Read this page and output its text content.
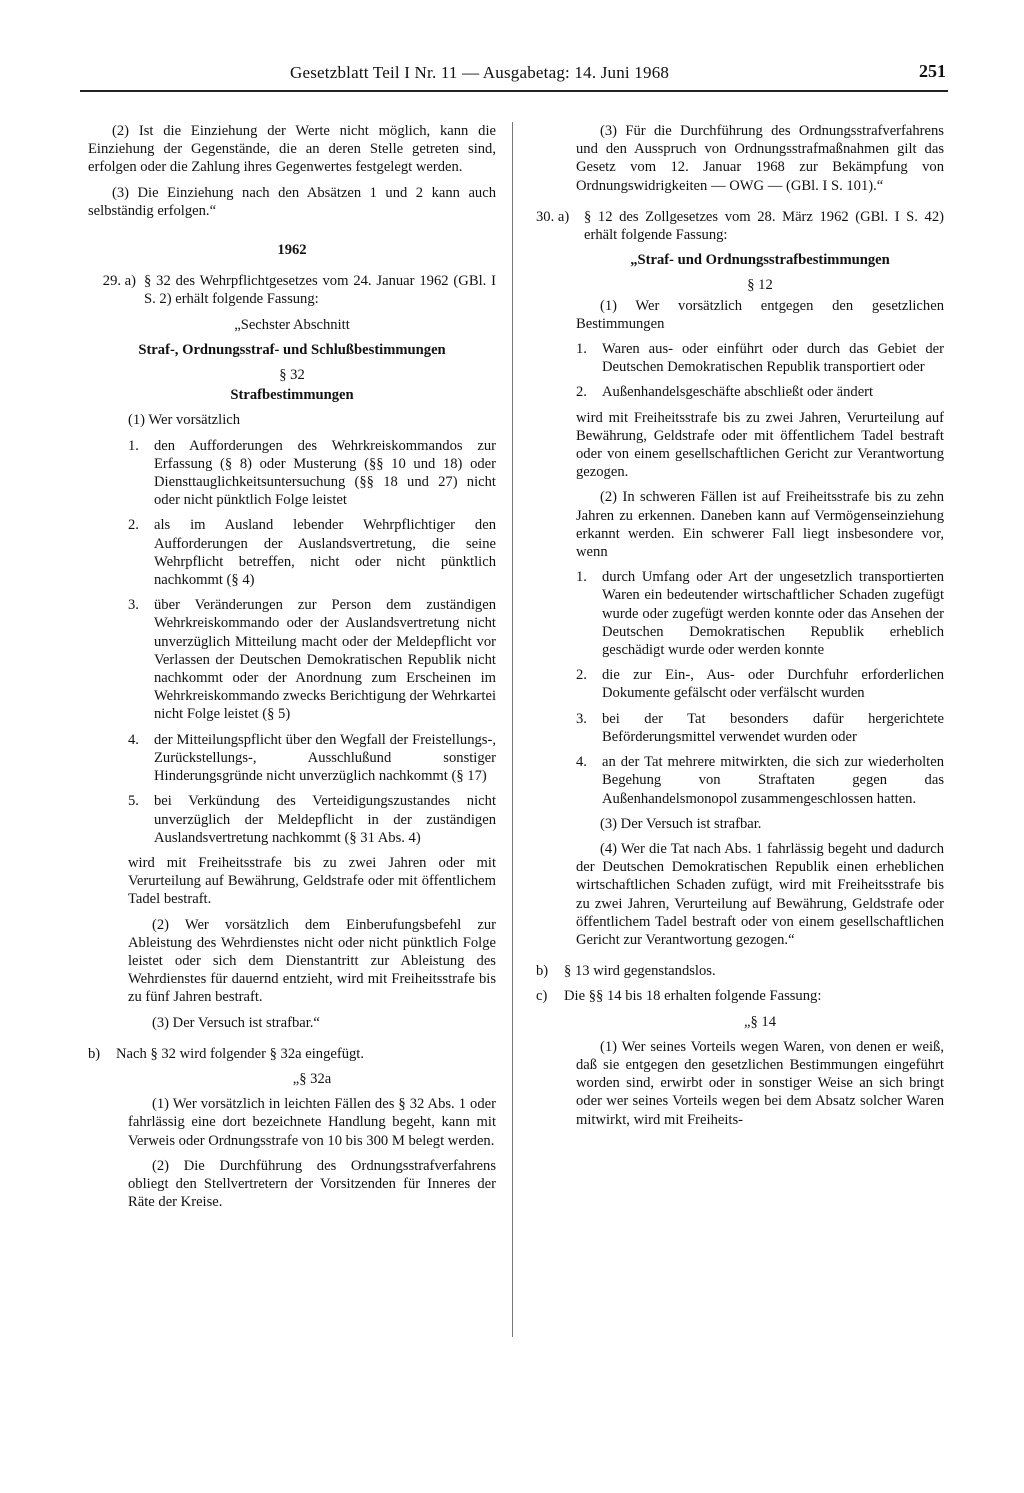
Gesetzblatt Teil I Nr. 11 — Ausgabetag: 14. Juni 1968	251

(2) Ist die Einziehung der Werte nicht möglich, kann die Einziehung der Gegenstände, die an deren Stelle getreten sind, erfolgen oder die Zahlung ihres Gegenwertes festgelegt werden.

(3) Die Einziehung nach den Absätzen 1 und 2 kann auch selbständig erfolgen.“

1962

29. a) § 32 des Wehrpflichtgesetzes vom 24. Januar 1962 (GBl. I S. 2) erhält folgende Fassung:

„Sechster Abschnitt

Straf-, Ordnungsstraf- und Schlußbestimmungen

§ 32

Strafbestimmungen

(1) Wer vorsätzlich

1.	den Aufforderungen des Wehrkreiskommandos zur Erfassung (§ 8) oder Musterung (§§ 10 und 18) oder Diensttauglichkeitsuntersuchung (§§ 18 und 27) nicht oder nicht pünktlich Folge leistet
2.	als im Ausland lebender Wehrpflichtiger den Aufforderungen der Auslandsvertretung, die seine Wehrpflicht betreffen, nicht oder nicht pünktlich nachkommt (§ 4)
3.	über Veränderungen zur Person dem zuständigen Wehrkreiskommando oder der Auslandsvertretung nicht unverzüglich Mitteilung macht oder der Meldepflicht vor Verlassen der Deutschen Demokratischen Republik nicht nachkommt oder der Anordnung zum Erscheinen im Wehrkreiskommando zwecks Berichtigung der Wehrkartei nicht Folge leistet (§ 5)
4.	der Mitteilungspflicht über den Wegfall der Freistellungs-, Zurückstellungs-, Ausschlußund sonstiger Hinderungsgründe nicht unverzüglich nachkommt (§ 17)
5.	bei Verkündung des Verteidigungszustandes nicht unverzüglich der Meldepflicht in der zuständigen Auslandsvertretung nachkommt (§ 31 Abs. 4)

wird mit Freiheitsstrafe bis zu zwei Jahren oder mit Verurteilung auf Bewährung, Geldstrafe oder mit öffentlichem Tadel bestraft.

(2) Wer vorsätzlich dem Einberufungsbefehl zur Ableistung des Wehrdienstes nicht oder nicht pünktlich Folge leistet oder sich dem Dienstantritt zur Ableistung des Wehrdienstes für dauernd entzieht, wird mit Freiheitsstrafe bis zu fünf Jahren bestraft.

(3) Der Versuch ist strafbar.“

b)	Nach § 32 wird folgender § 32a eingefügt.

„§ 32a

(1) Wer vorsätzlich in leichten Fällen des § 32 Abs. 1 oder fahrlässig eine dort bezeichnete Handlung begeht, kann mit Verweis oder Ordnungsstrafe von 10 bis 300 M belegt werden.

(2) Die Durchführung des Ordnungsstrafverfahrens obliegt den Stellvertretern der Vorsitzenden für Inneres der Räte der Kreise.

(3) Für die Durchführung des Ordnungsstrafverfahrens und den Ausspruch von Ordnungsstrafmaßnahmen gilt das Gesetz vom 12. Januar 1968 zur Bekämpfung von Ordnungswidrigkeiten — OWG — (GBl. I S. 101).“

30. a)	§ 12 des Zollgesetzes vom 28. März 1962 (GBl. I S. 42) erhält folgende Fassung:

„Straf- und Ordnungsstrafbestimmungen

§ 12

(1) Wer vorsätzlich entgegen den gesetzlichen Bestimmungen

1.	Waren aus- oder einführt oder durch das Gebiet der Deutschen Demokratischen Republik transportiert oder
2.	Außenhandelsgeschäfte abschließt oder ändert

wird mit Freiheitsstrafe bis zu zwei Jahren, Verurteilung auf Bewährung, Geldstrafe oder mit öffentlichem Tadel bestraft oder von einem gesellschaftlichen Gericht zur Verantwortung gezogen.

(2) In schweren Fällen ist auf Freiheitsstrafe bis zu zehn Jahren zu erkennen. Daneben kann auf Vermögenseinziehung erkannt werden. Ein schwerer Fall liegt insbesondere vor, wenn

1.	durch Umfang oder Art der ungesetzlich transportierten Waren ein bedeutender wirtschaftlicher Schaden zugefügt wurde oder zugefügt werden konnte oder das Ansehen der Deutschen Demokratischen Republik erheblich geschädigt wurde oder werden konnte
2.	die zur Ein-, Aus- oder Durchfuhr erforderlichen Dokumente gefälscht oder verfälscht wurden
3.	bei der Tat besonders dafür hergerichtete Beförderungsmittel verwendet wurden oder
4.	an der Tat mehrere mitwirkten, die sich zur wiederholten Begehung von Straftaten gegen das Außenhandelsmonopol zusammengeschlossen hatten.

(3) Der Versuch ist strafbar.

(4) Wer die Tat nach Abs. 1 fahrlässig begeht und dadurch der Deutschen Demokratischen Republik einen erheblichen wirtschaftlichen Schaden zufügt, wird mit Freiheitsstrafe bis zu zwei Jahren, Verurteilung auf Bewährung, Geldstrafe oder öffentlichem Tadel bestraft oder von einem gesellschaftlichen Gericht zur Verantwortung gezogen.“

b)	§ 13 wird gegenstandslos.
c)	Die §§ 14 bis 18 erhalten folgende Fassung:

„§ 14

(1) Wer seines Vorteils wegen Waren, von denen er weiß, daß sie entgegen den gesetzlichen Bestimmungen eingeführt worden sind, erwirbt oder in sonstiger Weise an sich bringt oder wer seines Vorteils wegen bei dem Absatz solcher Waren mitwirkt, wird mit Freiheits-
